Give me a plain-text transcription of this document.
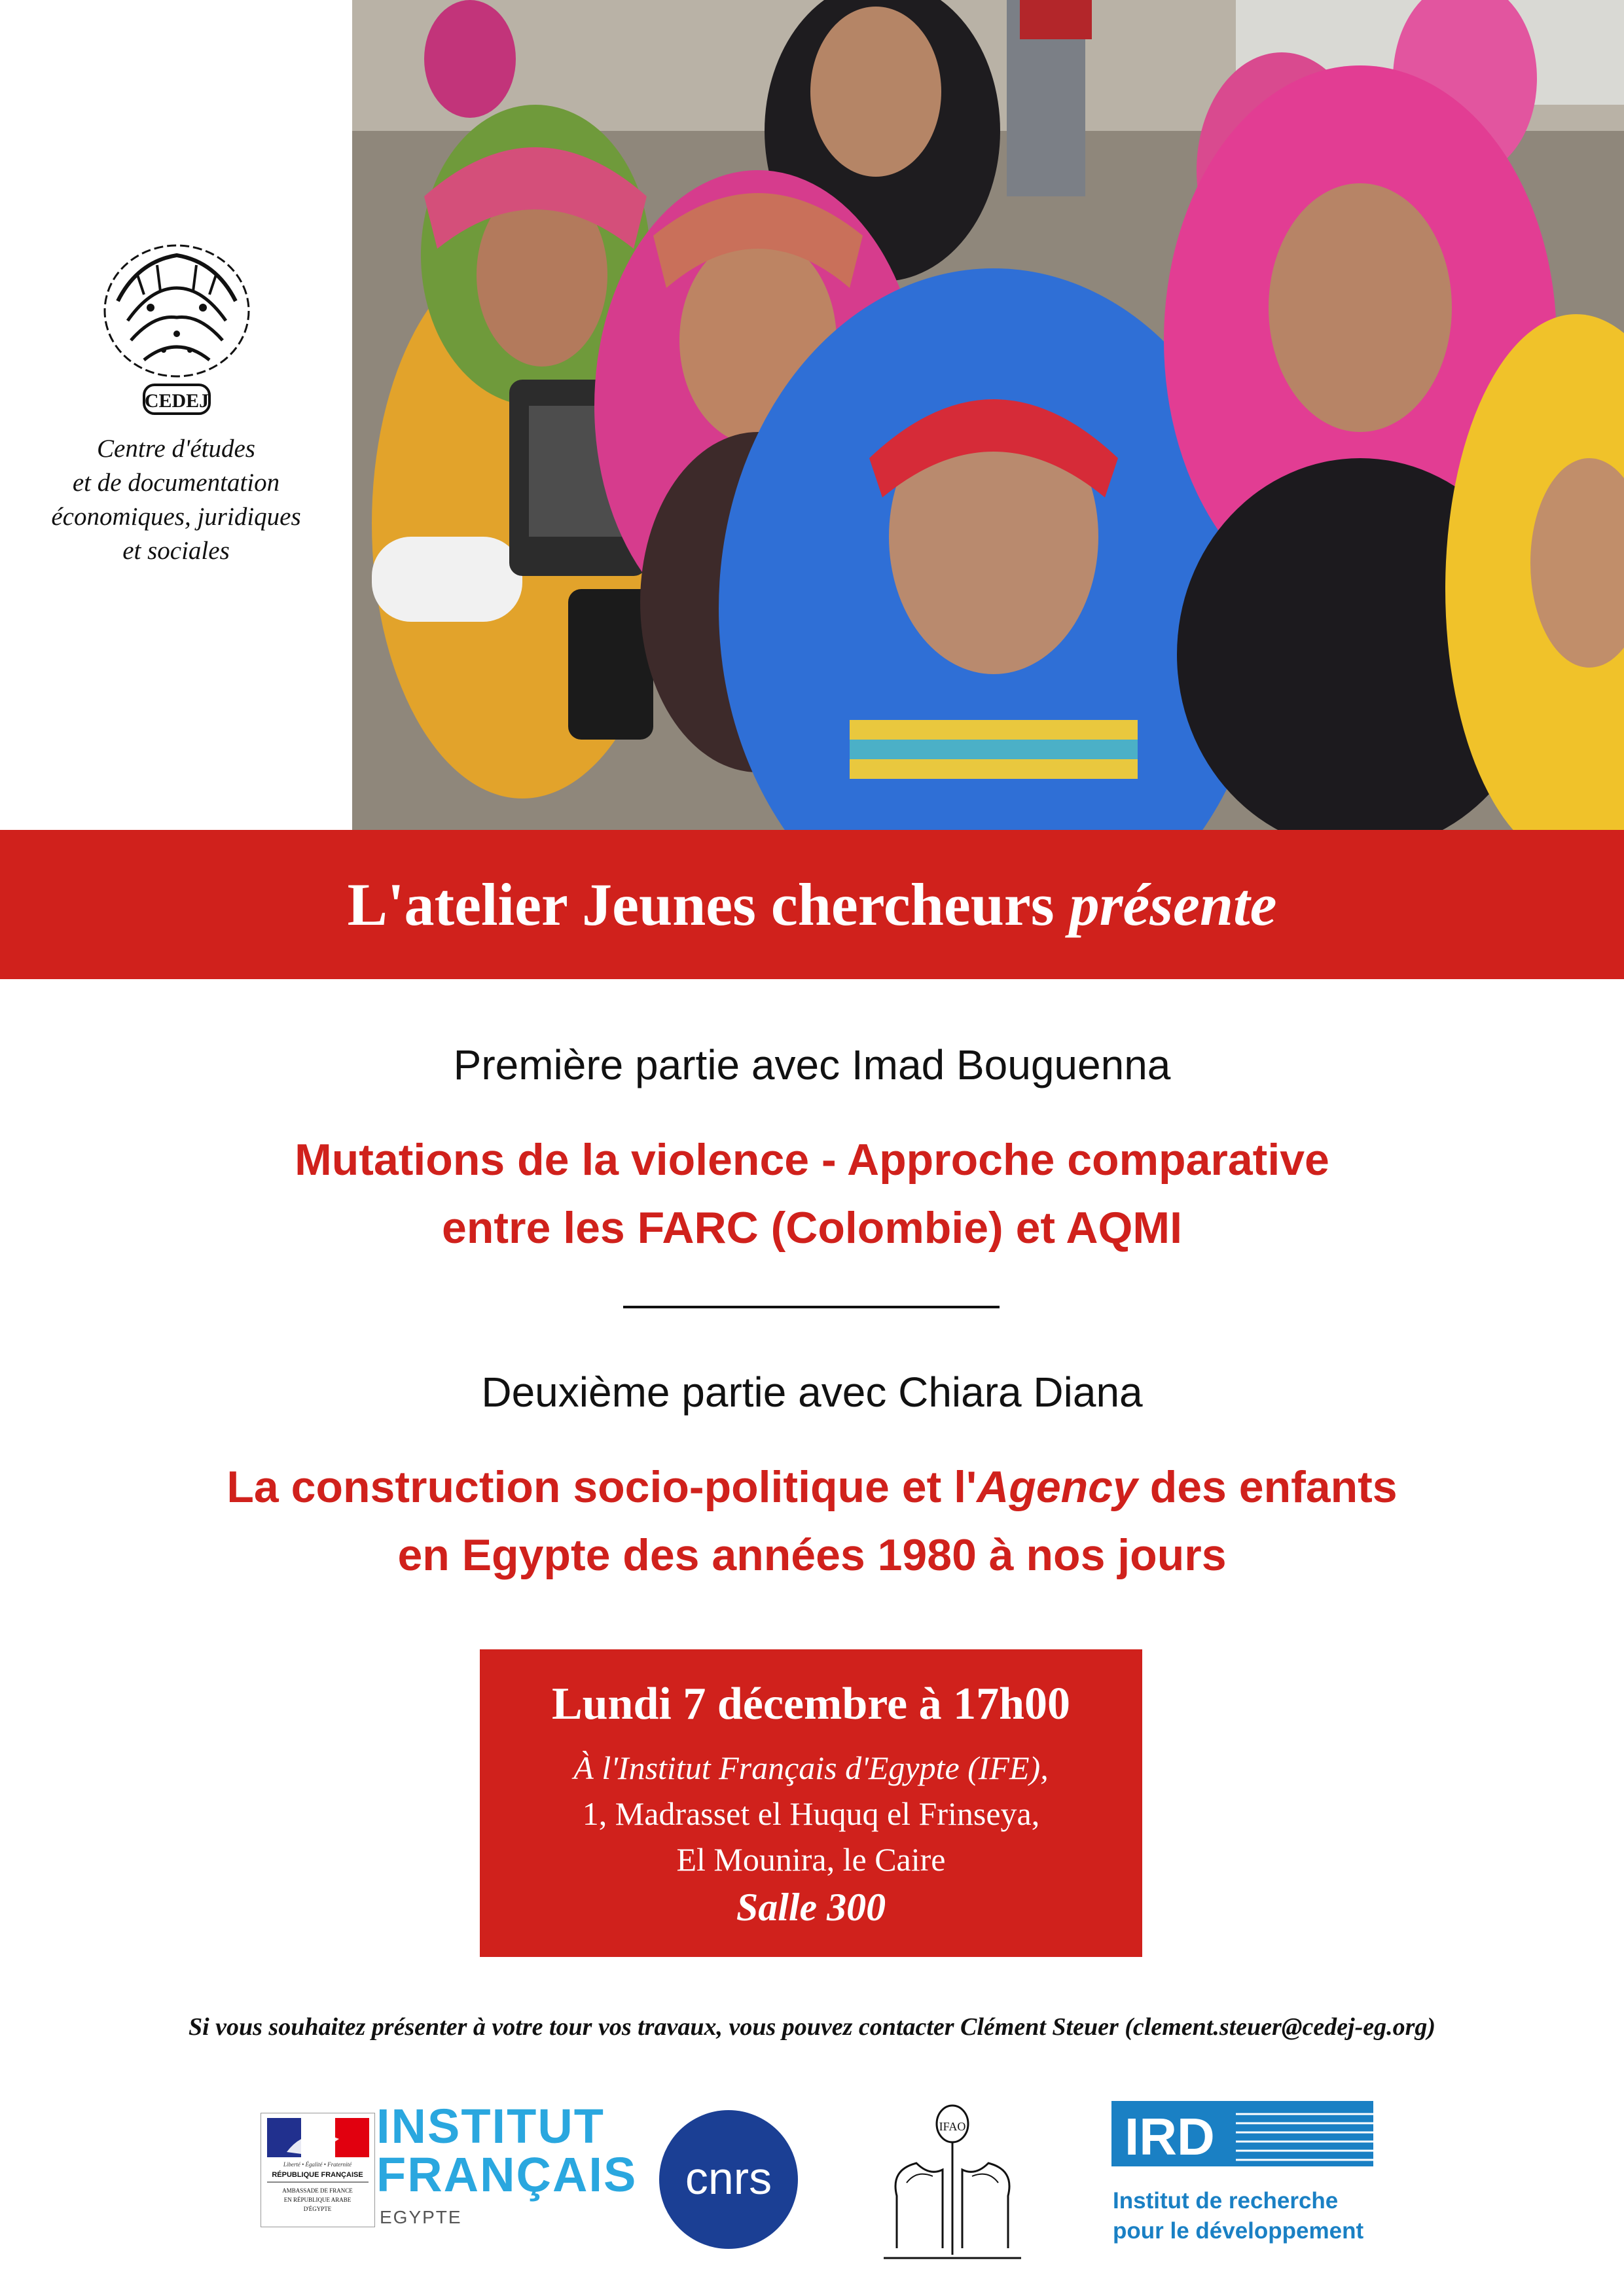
CEDEJ
Centre d'études
et de documentation
économiques, juridiques
et sociales
L'atelier Jeunes chercheurs présente
Première partie avec Imad Bouguenna
Mutations de la violence - Approche comparative
entre les FARC (Colombie) et AQMI
Deuxième partie avec Chiara Diana
La construction socio-politique et l'Agency des enfants
en Egypte des années 1980 à nos jours
Lundi 7 décembre à 17h00
À l'Institut Français d'Egypte (IFE),
1, Madrasset el Huquq el Frinseya,
El Mounira, le Caire
Salle 300
Si vous souhaitez présenter à votre tour vos travaux, vous pouvez contacter Clément Steuer (clement.steuer@cedej-eg.org)
Liberté • Égalité • Fraternité
RÉPUBLIQUE FRANÇAISE
AMBASSADE DE FRANCE
EN RÉPUBLIQUE ARABE
D'ÉGYPTE
INSTITUT
FRANÇAIS
EGYPTE
cnrs
IFAO	IRD
Institut de recherche
pour le développement
